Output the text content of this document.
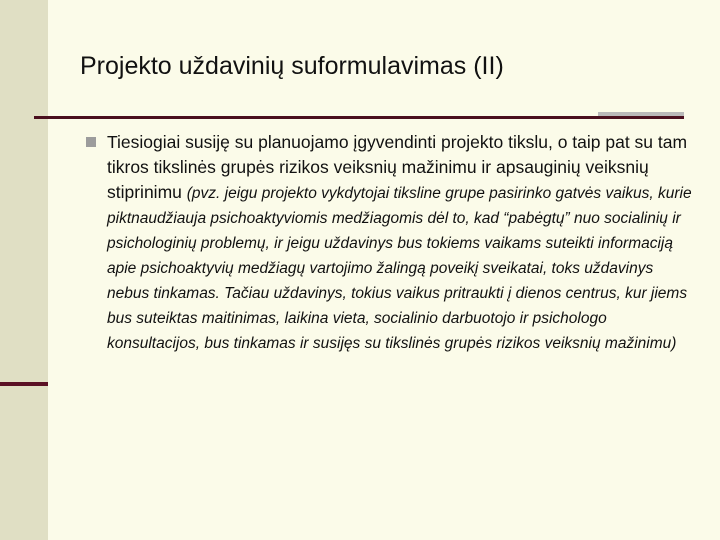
Projekto uždavinių suformulavimas (II)
Tiesiogiai susiję su planuojamo įgyvendinti projekto tikslu, o taip pat su tam tikros tikslinės grupės rizikos veiksnių mažinimu ir apsauginių veiksnių stiprinimu (pvz. jeigu projekto vykdytojai tiksline grupe pasirinko gatvės vaikus, kurie piktnaudžiauja psichoaktyviomis medžiagomis dėl to, kad “pabėgtų” nuo socialinių ir psichologinių problemų, ir jeigu uždavinys bus tokiems vaikams suteikti informaciją apie psichoaktyvių medžiagų vartojimo žalingą poveikį sveikatai, toks uždavinys nebus tinkamas. Tačiau uždavinys, tokius vaikus pritraukti į dienos centrus, kur jiems bus suteiktas maitinimas, laikina vieta, socialinio darbuotojo ir psichologo konsultacijos, bus tinkamas ir susijęs su tikslinės grupės rizikos veiksnių mažinimu)
